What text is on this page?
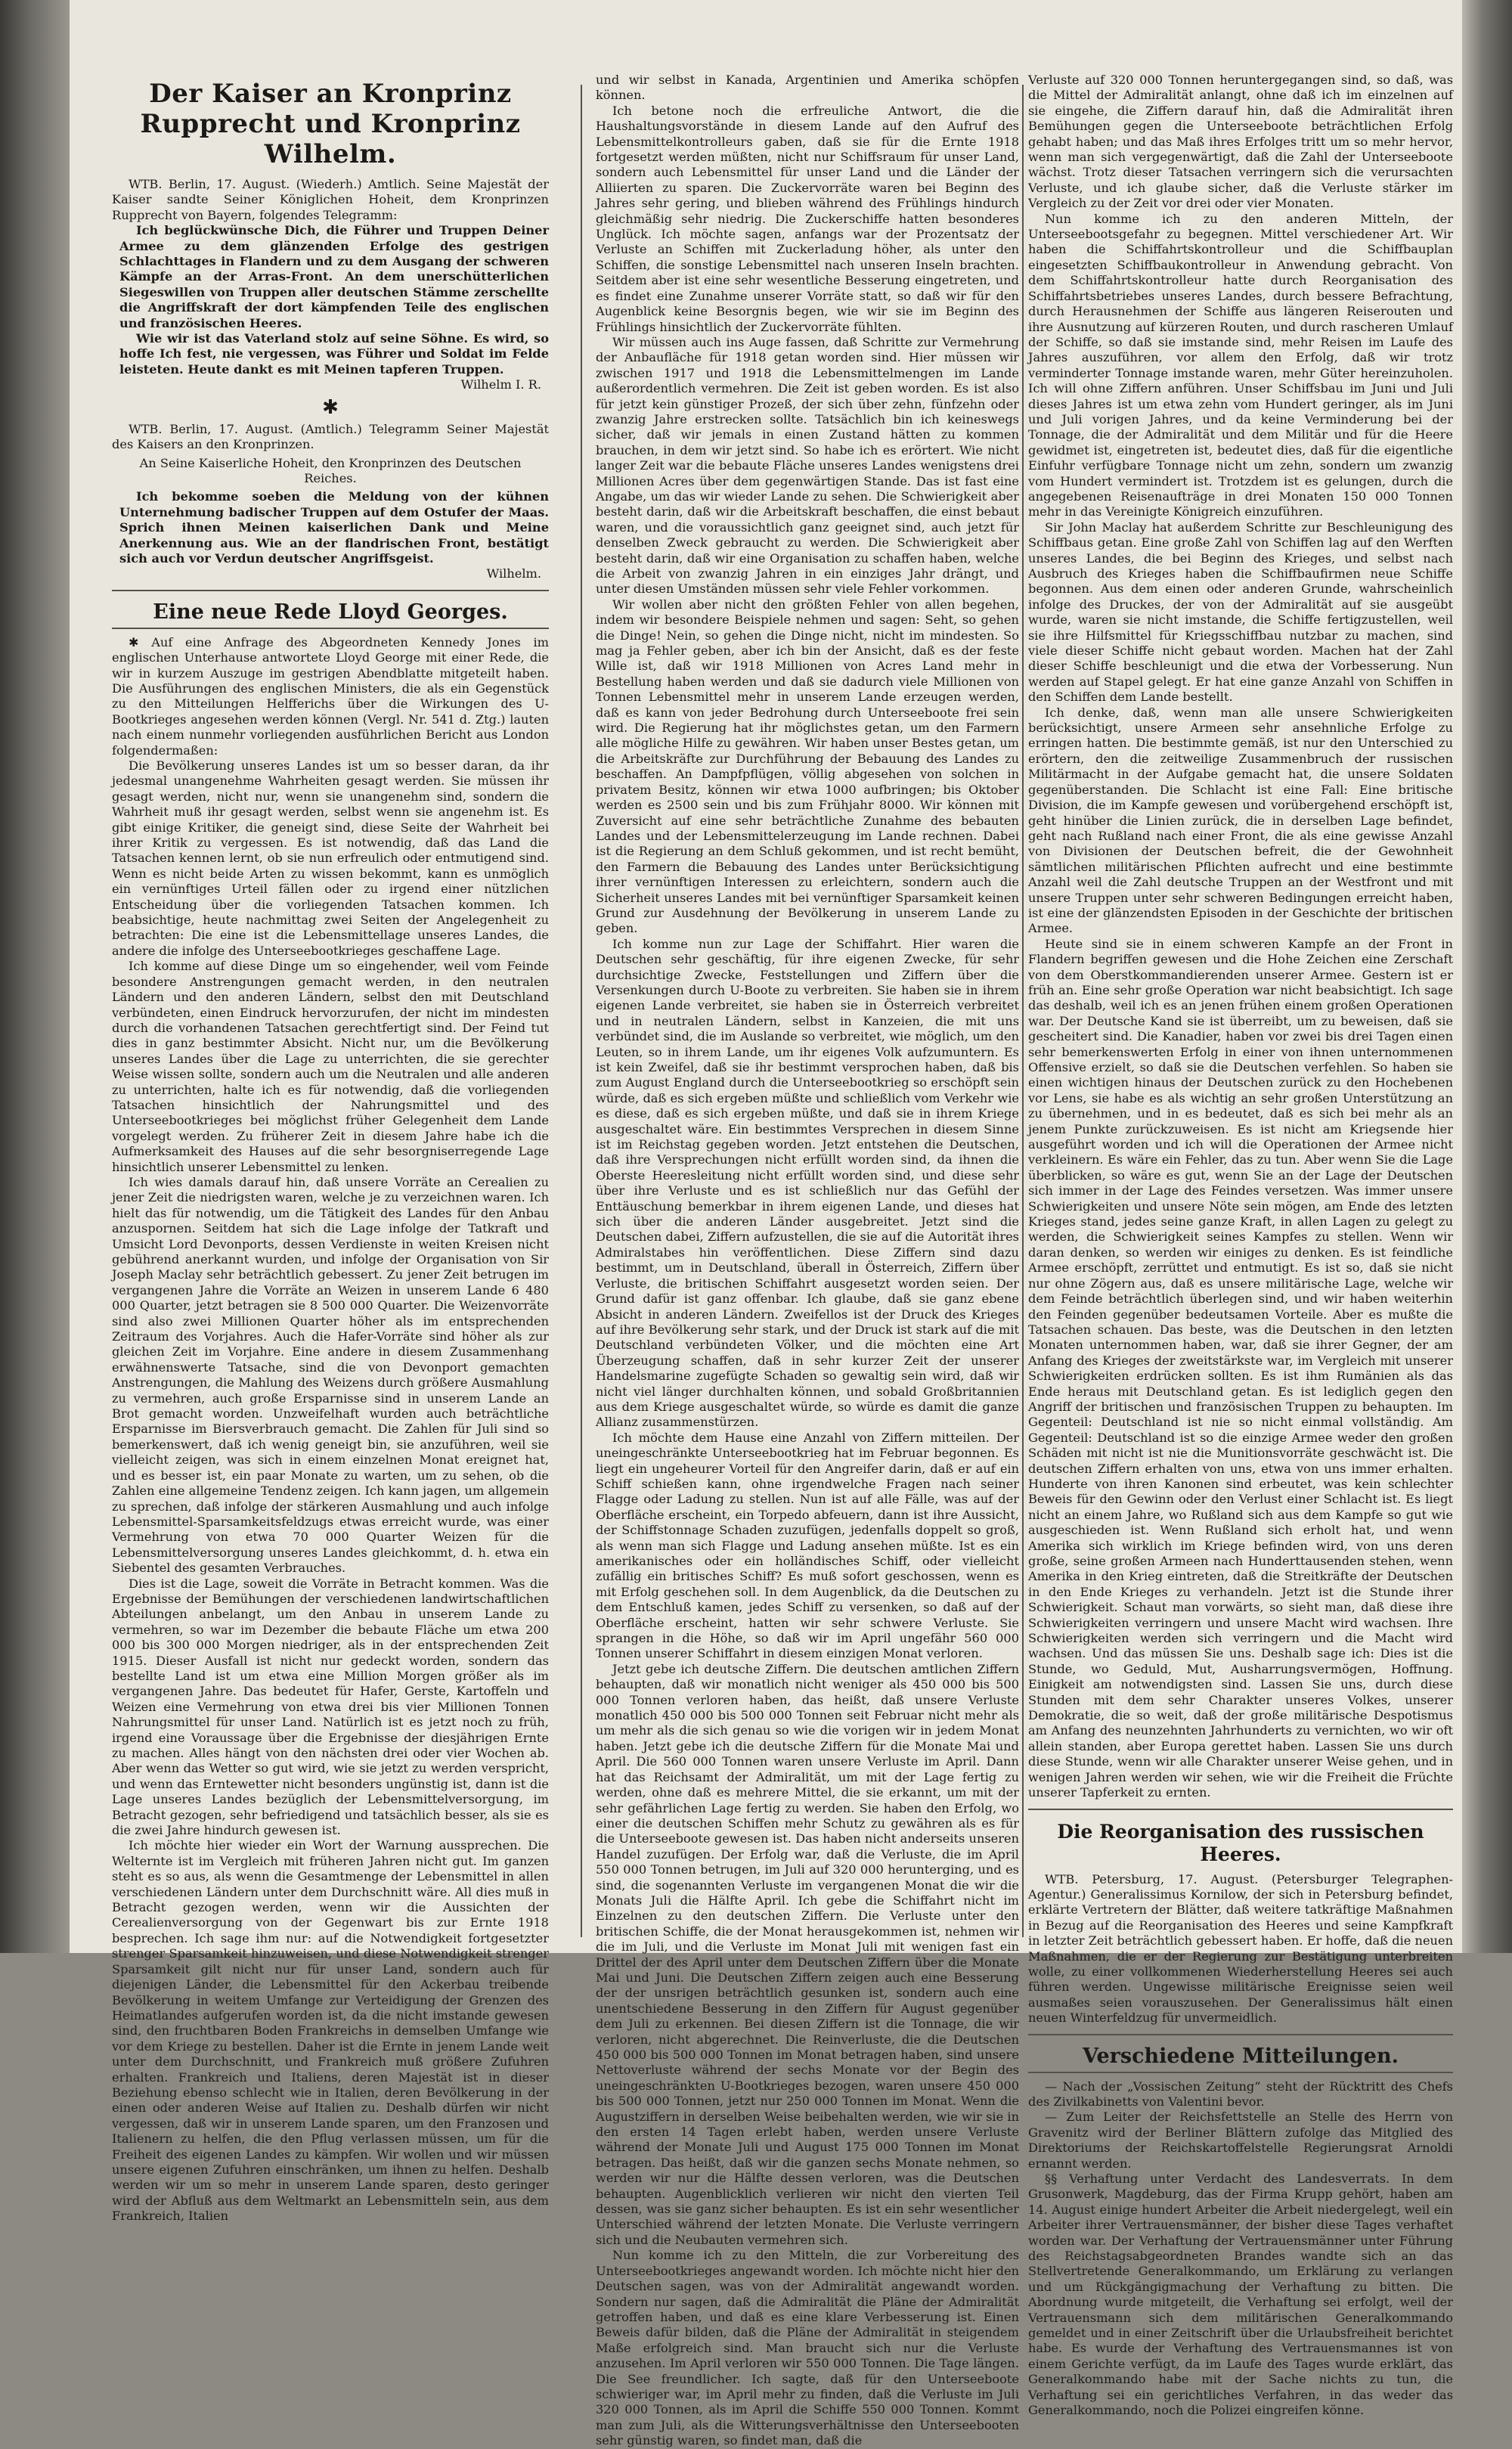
Der Kaiser an Kronprinz Rupprecht und Kronprinz Wilhelm.

WTB. Berlin, 17. August. (Wiederh.) Amtlich. Seine Majestät der Kaiser sandte Seiner Königlichen Hoheit, dem Kronprinzen Rupprecht von Bayern, folgendes Telegramm:

Ich beglückwünsche Dich, die Führer und Truppen Deiner Armee zu dem glänzenden Erfolge des gestrigen Schlachttages in Flandern und zu dem Ausgang der schweren Kämpfe an der Arras-Front. An dem unerschütterlichen Siegeswillen von Truppen aller deutschen Stämme zerschellte die Angriffskraft der dort kämpfenden Teile des englischen und französischen Heeres.

Wie wir ist das Vaterland stolz auf seine Söhne. Es wird, so hoffe Ich fest, nie vergessen, was Führer und Soldat im Felde leisteten. Heute dankt es mit Meinen tapferen Truppen.

Wilhelm I. R.
✱

WTB. Berlin, 17. August. (Amtlich.) Telegramm Seiner Majestät des Kaisers an den Kronprinzen.

An Seine Kaiserliche Hoheit, den Kronprinzen des Deutschen Reiches.

Ich bekomme soeben die Meldung von der kühnen Unternehmung badischer Truppen auf dem Ostufer der Maas. Sprich ihnen Meinen kaiserlichen Dank und Meine Anerkennung aus. Wie an der flandrischen Front, bestätigt sich auch vor Verdun deutscher Angriffsgeist.

Wilhelm.
Eine neue Rede Lloyd Georges.

✱ Auf eine Anfrage des Abgeordneten Kennedy Jones im englischen Unterhause antwortete Lloyd George mit einer Rede, die wir in kurzem Auszuge im gestrigen Abendblatte mitgeteilt haben. Die Ausführungen des englischen Ministers, die als ein Gegenstück zu den Mitteilungen Helfferichs über die Wirkungen des U-Bootkrieges angesehen werden können (Vergl. Nr. 541 d. Ztg.) lauten nach einem nunmehr vorliegenden ausführlichen Bericht aus London folgendermaßen:

Die Bevölkerung unseres Landes ist um so besser daran, da ihr jedesmal unangenehme Wahrheiten gesagt werden. Sie müssen ihr gesagt werden, nicht nur, wenn sie unangenehm sind, sondern die Wahrheit muß ihr gesagt werden, selbst wenn sie angenehm ist. Es gibt einige Kritiker, die geneigt sind, diese Seite der Wahrheit bei ihrer Kritik zu vergessen. Es ist notwendig, daß das Land die Tatsachen kennen lernt, ob sie nun erfreulich oder entmutigend sind. Wenn es nicht beide Arten zu wissen bekommt, kann es unmöglich ein vernünftiges Urteil fällen oder zu irgend einer nützlichen Entscheidung über die vorliegenden Tatsachen kommen. Ich beabsichtige, heute nachmittag zwei Seiten der Angelegenheit zu betrachten: Die eine ist die Lebensmittellage unseres Landes, die andere die infolge des Unterseebootkrieges geschaffene Lage.

Ich komme auf diese Dinge um so eingehender, weil vom Feinde besondere Anstrengungen gemacht werden, in den neutralen Ländern und den anderen Ländern, selbst den mit Deutschland verbündeten, einen Eindruck hervorzurufen, der nicht im mindesten durch die vorhandenen Tatsachen gerechtfertigt sind. Der Feind tut dies in ganz bestimmter Absicht. Nicht nur, um die Bevölkerung unseres Landes über die Lage zu unterrichten, die sie gerechter Weise wissen sollte, sondern auch um die Neutralen und alle anderen zu unterrichten, halte ich es für notwendig, daß die vorliegenden Tatsachen hinsichtlich der Nahrungsmittel und des Unterseebootkrieges bei möglichst früher Gelegenheit dem Lande vorgelegt werden. Zu früherer Zeit in diesem Jahre habe ich die Aufmerksamkeit des Hauses auf die sehr besorgniserregende Lage hinsichtlich unserer Lebensmittel zu lenken.

Ich wies damals darauf hin, daß unsere Vorräte an Cerealien zu jener Zeit die niedrigsten waren, welche je zu verzeichnen waren. Ich hielt das für notwendig, um die Tätigkeit des Landes für den Anbau anzuspornen. Seitdem hat sich die Lage infolge der Tatkraft und Umsicht Lord Devonports, dessen Verdienste in weiten Kreisen nicht gebührend anerkannt wurden, und infolge der Organisation von Sir Joseph Maclay sehr beträchtlich gebessert. Zu jener Zeit betrugen im vergangenen Jahre die Vorräte an Weizen in unserem Lande 6 480 000 Quarter, jetzt betragen sie 8 500 000 Quarter. Die Weizenvorräte sind also zwei Millionen Quarter höher als im entsprechenden Zeitraum des Vorjahres. Auch die Hafer-Vorräte sind höher als zur gleichen Zeit im Vorjahre. Eine andere in diesem Zusammenhang erwähnenswerte Tatsache, sind die von Devonport gemachten Anstrengungen, die Mahlung des Weizens durch größere Ausmahlung zu vermehren, auch große Ersparnisse sind in unserem Lande an Brot gemacht worden. Unzweifelhaft wurden auch beträchtliche Ersparnisse im Biersverbrauch gemacht. Die Zahlen für Juli sind so bemerkenswert, daß ich wenig geneigt bin, sie anzuführen, weil sie vielleicht zeigen, was sich in einem einzelnen Monat ereignet hat, und es besser ist, ein paar Monate zu warten, um zu sehen, ob die Zahlen eine allgemeine Tendenz zeigen. Ich kann jagen, um allgemein zu sprechen, daß infolge der stärkeren Ausmahlung und auch infolge Lebensmittel-Sparsamkeitsfeldzugs etwas erreicht wurde, was einer Vermehrung von etwa 70 000 Quarter Weizen für die Lebensmittelversorgung unseres Landes gleichkommt, d. h. etwa ein Siebentel des gesamten Verbrauches.

Dies ist die Lage, soweit die Vorräte in Betracht kommen. Was die Ergebnisse der Bemühungen der verschiedenen landwirtschaftlichen Abteilungen anbelangt, um den Anbau in unserem Lande zu vermehren, so war im Dezember die bebaute Fläche um etwa 200 000 bis 300 000 Morgen niedriger, als in der entsprechenden Zeit 1915. Dieser Ausfall ist nicht nur gedeckt worden, sondern das bestellte Land ist um etwa eine Million Morgen größer als im vergangenen Jahre. Das bedeutet für Hafer, Gerste, Kartoffeln und Weizen eine Vermehrung von etwa drei bis vier Millionen Tonnen Nahrungsmittel für unser Land. Natürlich ist es jetzt noch zu früh, irgend eine Voraussage über die Ergebnisse der diesjährigen Ernte zu machen. Alles hängt von den nächsten drei oder vier Wochen ab. Aber wenn das Wetter so gut wird, wie sie jetzt zu werden verspricht, und wenn das Erntewetter nicht besonders ungünstig ist, dann ist die Lage unseres Landes bezüglich der Lebensmittelversorgung, im Betracht gezogen, sehr befriedigend und tatsächlich besser, als sie es die zwei Jahre hindurch gewesen ist.

Ich möchte hier wieder ein Wort der Warnung aussprechen. Die Welternte ist im Vergleich mit früheren Jahren nicht gut. Im ganzen steht es so aus, als wenn die Gesamtmenge der Lebensmittel in allen verschiedenen Ländern unter dem Durchschnitt wäre. All dies muß in Betracht gezogen werden, wenn wir die Aussichten der Cerealienversorgung von der Gegenwart bis zur Ernte 1918 besprechen. Ich sage ihm nur: auf die Notwendigkeit fortgesetzter strenger Sparsamkeit hinzuweisen, und diese Notwendigkeit strenger Sparsamkeit gilt nicht nur für unser Land, sondern auch für diejenigen Länder, die Lebensmittel für den Ackerbau treibende Bevölkerung in weitem Umfange zur Verteidigung der Grenzen des Heimatlandes aufgerufen worden ist, da die nicht imstande gewesen sind, den fruchtbaren Boden Frankreichs in demselben Umfange wie vor dem Kriege zu bestellen. Daher ist die Ernte in jenem Lande weit unter dem Durchschnitt, und Frankreich muß größere Zufuhren erhalten. Frankreich und Italiens, deren Majestät ist in dieser Beziehung ebenso schlecht wie in Italien, deren Bevölkerung in der einen oder anderen Weise auf Italien zu. Deshalb dürfen wir nicht vergessen, daß wir in unserem Lande sparen, um den Franzosen und Italienern zu helfen, die den Pflug verlassen müssen, um für die Freiheit des eigenen Landes zu kämpfen. Wir wollen und wir müssen unsere eigenen Zufuhren einschränken, um ihnen zu helfen. Deshalb werden wir um so mehr in unserem Lande sparen, desto geringer wird der Abfluß aus dem Weltmarkt an Lebensmitteln sein, aus dem Frankreich, Italien

und wir selbst in Kanada, Argentinien und Amerika schöpfen können.

Ich betone noch die erfreuliche Antwort, die die Haushaltungsvorstände in diesem Lande auf den Aufruf des Lebensmittelkontrolleurs gaben, daß sie für die Ernte 1918 fortgesetzt werden müßten, nicht nur Schiffsraum für unser Land, sondern auch Lebensmittel für unser Land und die Länder der Alliierten zu sparen. Die Zuckervorräte waren bei Beginn des Jahres sehr gering, und blieben während des Frühlings hindurch gleichmäßig sehr niedrig. Die Zuckerschiffe hatten besonderes Unglück. Ich möchte sagen, anfangs war der Prozentsatz der Verluste an Schiffen mit Zuckerladung höher, als unter den Schiffen, die sonstige Lebensmittel nach unseren Inseln brachten. Seitdem aber ist eine sehr wesentliche Besserung eingetreten, und es findet eine Zunahme unserer Vorräte statt, so daß wir für den Augenblick keine Besorgnis begen, wie wir sie im Beginn des Frühlings hinsichtlich der Zuckervorräte fühlten.

Wir müssen auch ins Auge fassen, daß Schritte zur Vermehrung der Anbaufläche für 1918 getan worden sind. Hier müssen wir zwischen 1917 und 1918 die Lebensmittelmengen im Lande außerordentlich vermehren. Die Zeit ist geben worden. Es ist also für jetzt kein günstiger Prozeß, der sich über zehn, fünfzehn oder zwanzig Jahre erstrecken sollte. Tatsächlich bin ich keineswegs sicher, daß wir jemals in einen Zustand hätten zu kommen brauchen, in dem wir jetzt sind. So habe ich es erörtert. Wie nicht langer Zeit war die bebaute Fläche unseres Landes wenigstens drei Millionen Acres über dem gegenwärtigen Stande. Das ist fast eine Angabe, um das wir wieder Lande zu sehen. Die Schwierigkeit aber besteht darin, daß wir die Arbeitskraft beschaffen, die einst bebaut waren, und die voraussichtlich ganz geeignet sind, auch jetzt für denselben Zweck gebraucht zu werden. Die Schwierigkeit aber besteht darin, daß wir eine Organisation zu schaffen haben, welche die Arbeit von zwanzig Jahren in ein einziges Jahr drängt, und unter diesen Umständen müssen sehr viele Fehler vorkommen.

Wir wollen aber nicht den größten Fehler von allen begehen, indem wir besondere Beispiele nehmen und sagen: Seht, so gehen die Dinge! Nein, so gehen die Dinge nicht, nicht im mindesten. So mag ja Fehler geben, aber ich bin der Ansicht, daß es der feste Wille ist, daß wir 1918 Millionen von Acres Land mehr in Bestellung haben werden und daß sie dadurch viele Millionen von Tonnen Lebensmittel mehr in unserem Lande erzeugen werden, daß es kann von jeder Bedrohung durch Unterseeboote frei sein wird. Die Regierung hat ihr möglichstes getan, um den Farmern alle mögliche Hilfe zu gewähren. Wir haben unser Bestes getan, um die Arbeitskräfte zur Durchführung der Bebauung des Landes zu beschaffen. An Dampfpflügen, völlig abgesehen von solchen in privatem Besitz, können wir etwa 1000 aufbringen; bis Oktober werden es 2500 sein und bis zum Frühjahr 8000. Wir können mit Zuversicht auf eine sehr beträchtliche Zunahme des bebauten Landes und der Lebensmittelerzeugung im Lande rechnen. Dabei ist die Regierung an dem Schluß gekommen, und ist recht bemüht, den Farmern die Bebauung des Landes unter Berücksichtigung ihrer vernünftigen Interessen zu erleichtern, sondern auch die Sicherheit unseres Landes mit bei vernünftiger Sparsamkeit keinen Grund zur Ausdehnung der Bevölkerung in unserem Lande zu geben.

Ich komme nun zur Lage der Schiffahrt. Hier waren die Deutschen sehr geschäftig, für ihre eigenen Zwecke, für sehr durchsichtige Zwecke, Feststellungen und Ziffern über die Versenkungen durch U-Boote zu verbreiten. Sie haben sie in ihrem eigenen Lande verbreitet, sie haben sie in Österreich verbreitet und in neutralen Ländern, selbst in Kanzeien, die mit uns verbündet sind, die im Auslande so verbreitet, wie möglich, um den Leuten, so in ihrem Lande, um ihr eigenes Volk aufzumuntern. Es ist kein Zweifel, daß sie ihr bestimmt versprochen haben, daß bis zum August England durch die Unterseebootkrieg so erschöpft sein würde, daß es sich ergeben müßte und schließlich vom Verkehr wie es diese, daß es sich ergeben müßte, und daß sie in ihrem Kriege ausgeschaltet wäre. Ein bestimmtes Versprechen in diesem Sinne ist im Reichstag gegeben worden. Jetzt entstehen die Deutschen, daß ihre Versprechungen nicht erfüllt worden sind, da ihnen die Oberste Heeresleitung nicht erfüllt worden sind, und diese sehr über ihre Verluste und es ist schließlich nur das Gefühl der Enttäuschung bemerkbar in ihrem eigenen Lande, und dieses hat sich über die anderen Länder ausgebreitet. Jetzt sind die Deutschen dabei, Ziffern aufzustellen, die sie auf die Autorität ihres Admiralstabes hin veröffentlichen. Diese Ziffern sind dazu bestimmt, um in Deutschland, überall in Österreich, Ziffern über Verluste, die britischen Schiffahrt ausgesetzt worden seien. Der Grund dafür ist ganz offenbar. Ich glaube, daß sie ganz ebene Absicht in anderen Ländern. Zweifellos ist der Druck des Krieges auf ihre Bevölkerung sehr stark, und der Druck ist stark auf die mit Deutschland verbündeten Völker, und die möchten eine Art Überzeugung schaffen, daß in sehr kurzer Zeit der unserer Handelsmarine zugefügte Schaden so gewaltig sein wird, daß wir nicht viel länger durchhalten können, und sobald Großbritannien aus dem Kriege ausgeschaltet würde, so würde es damit die ganze Allianz zusammenstürzen.

Ich möchte dem Hause eine Anzahl von Ziffern mitteilen. Der uneingeschränkte Unterseebootkrieg hat im Februar begonnen. Es liegt ein ungeheurer Vorteil für den Angreifer darin, daß er auf ein Schiff schießen kann, ohne irgendwelche Fragen nach seiner Flagge oder Ladung zu stellen. Nun ist auf alle Fälle, was auf der Oberfläche erscheint, ein Torpedo abfeuern, dann ist ihre Aussicht, der Schiffstonnage Schaden zuzufügen, jedenfalls doppelt so groß, als wenn man sich Flagge und Ladung ansehen müßte. Ist es ein amerikanisches oder ein holländisches Schiff, oder vielleicht zufällig ein britisches Schiff? Es muß sofort geschossen, wenn es mit Erfolg geschehen soll. In dem Augenblick, da die Deutschen zu dem Entschluß kamen, jedes Schiff zu versenken, so daß auf der Oberfläche erscheint, hatten wir sehr schwere Verluste. Sie sprangen in die Höhe, so daß wir im April ungefähr 560 000 Tonnen unserer Schiffahrt in diesem einzigen Monat verloren.

Jetzt gebe ich deutsche Ziffern. Die deutschen amtlichen Ziffern behaupten, daß wir monatlich nicht weniger als 450 000 bis 500 000 Tonnen verloren haben, das heißt, daß unsere Verluste monatlich 450 000 bis 500 000 Tonnen seit Februar nicht mehr als um mehr als die sich genau so wie die vorigen wir in jedem Monat haben. Jetzt gebe ich die deutsche Ziffern für die Monate Mai und April. Die 560 000 Tonnen waren unsere Verluste im April. Dann hat das Reichsamt der Admiralität, um mit der Lage fertig zu werden, ohne daß es mehrere Mittel, die sie erkannt, um mit der sehr gefährlichen Lage fertig zu werden. Sie haben den Erfolg, wo einer die deutschen Schiffen mehr Schutz zu gewähren als es für die Unterseeboote gewesen ist. Das haben nicht anderseits unseren Handel zuzufügen. Der Erfolg war, daß die Verluste, die im April 550 000 Tonnen betrugen, im Juli auf 320 000 herunterging, und es sind, die sogenannten Verluste im vergangenen Monat die wir die Monats Juli die Hälfte April. Ich gebe die Schiffahrt nicht im Einzelnen zu den deutschen Ziffern. Die Verluste unter den britischen Schiffe, die der Monat herausgekommen ist, nehmen wir die im Juli, und die Verluste im Monat Juli mit wenigen fast ein Drittel der des April unter dem Deutschen Ziffern über die Monate Mai und Juni. Die Deutschen Ziffern zeigen auch eine Besserung der der unsrigen beträchtlich gesunken ist, sondern auch eine unentschiedene Besserung in den Ziffern für August gegenüber dem Juli zu erkennen. Bei diesen Ziffern ist die Tonnage, die wir verloren, nicht abgerechnet. Die Reinverluste, die die Deutschen 450 000 bis 500 000 Tonnen im Monat betragen haben, sind unsere Nettoverluste während der sechs Monate vor der Begin des uneingeschränkten U-Bootkrieges bezogen, waren unsere 450 000 bis 500 000 Tonnen, jetzt nur 250 000 Tonnen im Monat. Wenn die Augustziffern in derselben Weise beibehalten werden, wie wir sie in den ersten 14 Tagen erlebt haben, werden unsere Verluste während der Monate Juli und August 175 000 Tonnen im Monat betragen. Das heißt, daß wir die ganzen sechs Monate nehmen, so werden wir nur die Hälfte dessen verloren, was die Deutschen behaupten. Augenblicklich verlieren wir nicht den vierten Teil dessen, was sie ganz sicher behaupten. Es ist ein sehr wesentlicher Unterschied während der letzten Monate. Die Verluste verringern sich und die Neubauten vermehren sich.

Nun komme ich zu den Mitteln, die zur Vorbereitung des Unterseebootkrieges angewandt worden. Ich möchte nicht hier den Deutschen sagen, was von der Admiralität angewandt worden. Sondern nur sagen, daß die Admiralität die Pläne der Admiralität getroffen haben, und daß es eine klare Verbesserung ist. Einen Beweis dafür bilden, daß die Pläne der Admiralität in steigendem Maße erfolgreich sind. Man braucht sich nur die Verluste anzusehen. Im April verloren wir 550 000 Tonnen. Die Tage längen. Die See freundlicher. Ich sagte, daß für den Unterseeboote schwieriger war, im April mehr zu finden, daß die Verluste im Juli 320 000 Tonnen, als im April die Schiffe 550 000 Tonnen. Kommt man zum Juli, als die Witterungsverhältnisse den Unterseebooten sehr günstig waren, so findet man, daß die

Verluste auf 320 000 Tonnen heruntergegangen sind, so daß, was die Mittel der Admiralität anlangt, ohne daß ich im einzelnen auf sie eingehe, die Ziffern darauf hin, daß die Admiralität ihren Bemühungen gegen die Unterseeboote beträchtlichen Erfolg gehabt haben; und das Maß ihres Erfolges tritt um so mehr hervor, wenn man sich vergegenwärtigt, daß die Zahl der Unterseeboote wächst. Trotz dieser Tatsachen verringern sich die verursachten Verluste, und ich glaube sicher, daß die Verluste stärker im Vergleich zu der Zeit vor drei oder vier Monaten.

Nun komme ich zu den anderen Mitteln, der Unterseebootsgefahr zu begegnen. Mittel verschiedener Art. Wir haben die Schiffahrtskontrolleur und die Schiffbauplan eingesetzten Schiffbaukontrolleur in Anwendung gebracht. Von dem Schiffahrtskontrolleur hatte durch Reorganisation des Schiffahrtsbetriebes unseres Landes, durch bessere Befrachtung, durch Herausnehmen der Schiffe aus längeren Reiserouten und ihre Ausnutzung auf kürzeren Routen, und durch rascheren Umlauf der Schiffe, so daß sie imstande sind, mehr Reisen im Laufe des Jahres auszuführen, vor allem den Erfolg, daß wir trotz verminderter Tonnage imstande waren, mehr Güter hereinzuholen. Ich will ohne Ziffern anführen. Unser Schiffsbau im Juni und Juli dieses Jahres ist um etwa zehn vom Hundert geringer, als im Juni und Juli vorigen Jahres, und da keine Verminderung bei der Tonnage, die der Admiralität und dem Militär und für die Heere gewidmet ist, eingetreten ist, bedeutet dies, daß für die eigentliche Einfuhr verfügbare Tonnage nicht um zehn, sondern um zwanzig vom Hundert vermindert ist. Trotzdem ist es gelungen, durch die angegebenen Reisenaufträge in drei Monaten 150 000 Tonnen mehr in das Vereinigte Königreich einzuführen.

Sir John Maclay hat außerdem Schritte zur Beschleunigung des Schiffbaus getan. Eine große Zahl von Schiffen lag auf den Werften unseres Landes, die bei Beginn des Krieges, und selbst nach Ausbruch des Krieges haben die Schiffbaufirmen neue Schiffe begonnen. Aus dem einen oder anderen Grunde, wahrscheinlich infolge des Druckes, der von der Admiralität auf sie ausgeübt wurde, waren sie nicht imstande, die Schiffe fertigzustellen, weil sie ihre Hilfsmittel für Kriegsschiffbau nutzbar zu machen, sind viele dieser Schiffe nicht gebaut worden. Machen hat der Zahl dieser Schiffe beschleunigt und die etwa der Vorbesserung. Nun werden auf Stapel gelegt. Er hat eine ganze Anzahl von Schiffen in den Schiffen dem Lande bestellt.

Ich denke, daß, wenn man alle unsere Schwierigkeiten berücksichtigt, unsere Armeen sehr ansehnliche Erfolge zu erringen hatten. Die bestimmte gemäß, ist nur den Unterschied zu erörtern, den die zeitweilige Zusammenbruch der russischen Militärmacht in der Aufgabe gemacht hat, die unsere Soldaten gegenüberstanden. Die Schlacht ist eine Fall: Eine britische Division, die im Kampfe gewesen und vorübergehend erschöpft ist, geht hinüber die Linien zurück, die in derselben Lage befindet, geht nach Rußland nach einer Front, die als eine gewisse Anzahl von Divisionen der Deutschen befreit, die der Gewohnheit sämtlichen militärischen Pflichten aufrecht und eine bestimmte Anzahl weil die Zahl deutsche Truppen an der Westfront und mit unsere Truppen unter sehr schweren Bedingungen erreicht haben, ist eine der glänzendsten Episoden in der Geschichte der britischen Armee.

Heute sind sie in einem schweren Kampfe an der Front in Flandern begriffen gewesen und die Hohe Zeichen eine Zerschaft von dem Oberstkommandierenden unserer Armee. Gestern ist er früh an. Eine sehr große Operation war nicht beabsichtigt. Ich sage das deshalb, weil ich es an jenen frühen einem großen Operationen war. Der Deutsche Kand sie ist überreibt, um zu beweisen, daß sie gescheitert sind. Die Kanadier, haben vor zwei bis drei Tagen einen sehr bemerkenswerten Erfolg in einer von ihnen unternommenen Offensive erzielt, so daß sie die Deutschen verfehlen. So haben sie einen wichtigen hinaus der Deutschen zurück zu den Hochebenen vor Lens, sie habe es als wichtig an sehr großen Unterstützung an zu übernehmen, und in es bedeutet, daß es sich bei mehr als an jenem Punkte zurückzuweisen. Es ist nicht am Kriegsende hier ausgeführt worden und ich will die Operationen der Armee nicht verkleinern. Es wäre ein Fehler, das zu tun. Aber wenn Sie die Lage überblicken, so wäre es gut, wenn Sie an der Lage der Deutschen sich immer in der Lage des Feindes versetzen. Was immer unsere Schwierigkeiten und unsere Nöte sein mögen, am Ende des letzten Krieges stand, jedes seine ganze Kraft, in allen Lagen zu gelegt zu werden, die Schwierigkeit seines Kampfes zu stellen. Wenn wir daran denken, so werden wir einiges zu denken. Es ist feindliche Armee erschöpft, zerrüttet und entmutigt. Es ist so, daß sie nicht nur ohne Zögern aus, daß es unsere militärische Lage, welche wir dem Feinde beträchtlich überlegen sind, und wir haben weiterhin den Feinden gegenüber bedeutsamen Vorteile. Aber es mußte die Tatsachen schauen. Das beste, was die Deutschen in den letzten Monaten unternommen haben, war, daß sie ihrer Gegner, der am Anfang des Krieges der zweitstärkste war, im Vergleich mit unserer Schwierigkeiten erdrücken sollten. Es ist ihm Rumänien als das Ende heraus mit Deutschland getan. Es ist lediglich gegen den Angriff der britischen und französischen Truppen zu behaupten. Im Gegenteil: Deutschland ist nie so nicht einmal vollständig. Am Gegenteil: Deutschland ist so die einzige Armee weder den großen Schäden mit nicht ist nie die Munitionsvorräte geschwächt ist. Die deutschen Ziffern erhalten von uns, etwa von uns immer erhalten. Hunderte von ihren Kanonen sind erbeutet, was kein schlechter Beweis für den Gewinn oder den Verlust einer Schlacht ist. Es liegt nicht an einem Jahre, wo Rußland sich aus dem Kampfe so gut wie ausgeschieden ist. Wenn Rußland sich erholt hat, und wenn Amerika sich wirklich im Kriege befinden wird, von uns deren große, seine großen Armeen nach Hunderttausenden stehen, wenn Amerika in den Krieg eintreten, daß die Streitkräfte der Deutschen in den Ende Krieges zu verhandeln. Jetzt ist die Stunde ihrer Schwierigkeit. Schaut man vorwärts, so sieht man, daß diese ihre Schwierigkeiten verringern und unsere Macht wird wachsen. Ihre Schwierigkeiten werden sich verringern und die Macht wird wachsen. Und das müssen Sie uns. Deshalb sage ich: Dies ist die Stunde, wo Geduld, Mut, Ausharrungsvermögen, Hoffnung. Einigkeit am notwendigsten sind. Lassen Sie uns, durch diese Stunden mit dem sehr Charakter unseres Volkes, unserer Demokratie, die so weit, daß der große militärische Despotismus am Anfang des neunzehnten Jahrhunderts zu vernichten, wo wir oft allein standen, aber Europa gerettet haben. Lassen Sie uns durch diese Stunde, wenn wir alle Charakter unserer Weise gehen, und in wenigen Jahren werden wir sehen, wie wir die Freiheit die Früchte unserer Tapferkeit zu ernten.

Die Reorganisation des russischen Heeres.

WTB. Petersburg, 17. August. (Petersburger Telegraphen-Agentur.) Generalissimus Kornilow, der sich in Petersburg befindet, erklärte Vertretern der Blätter, daß weitere tatkräftige Maßnahmen in Bezug auf die Reorganisation des Heeres und seine Kampfkraft in letzter Zeit beträchtlich gebessert haben. Er hoffe, daß die neuen Maßnahmen, die er der Regierung zur Bestätigung unterbreiten wolle, zu einer vollkommenen Wiederherstellung Heeres sei auch führen werden. Ungewisse militärische Ereignisse seien weil ausmaßes seien vorauszusehen. Der Generalissimus hält einen neuen Winterfeldzug für unvermeidlich.

Verschiedene Mitteilungen.

— Nach der „Vossischen Zeitung“ steht der Rücktritt des Chefs des Zivilkabinetts von Valentini bevor.

— Zum Leiter der Reichsfettstelle an Stelle des Herrn von Gravenitz wird der Berliner Blättern zufolge das Mitglied des Direktoriums der Reichskartoffelstelle Regierungsrat Arnoldi ernannt werden.

§§ Verhaftung unter Verdacht des Landesverrats. In dem Grusonwerk, Magdeburg, das der Firma Krupp gehört, haben am 14. August einige hundert Arbeiter die Arbeit niedergelegt, weil ein Arbeiter ihrer Vertrauensmänner, der bisher diese Tages verhaftet worden war. Der Verhaftung der Vertrauensmänner unter Führung des Reichstagsabgeordneten Brandes wandte sich an das Stellvertretende Generalkommando, um Erklärung zu verlangen und um Rückgängigmachung der Verhaftung zu bitten. Die Abordnung wurde mitgeteilt, die Verhaftung sei erfolgt, weil der Vertrauensmann sich dem militärischen Generalkommando gemeldet und in einer Zeitschrift über die Urlaubsfreiheit berichtet habe. Es wurde der Verhaftung des Vertrauensmannes ist von einem Gerichte verfügt, da im Laufe des Tages wurde erklärt, das Generalkommando habe mit der Sache nichts zu tun, die Verhaftung sei ein gerichtliches Verfahren, in das weder das Generalkommando, noch die Polizei eingreifen könne.
